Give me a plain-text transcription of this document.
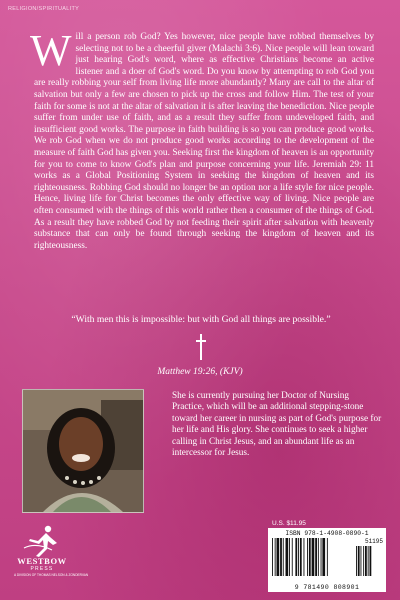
RELIGION/SPIRITUALITY
Will a person rob God? Yes however, nice people have robbed themselves by selecting not to be a cheerful giver (Malachi 3:6). Nice people will lean toward just hearing God's word, where as effective Christians become an active listener and a doer of God's word. Do you know by attempting to rob God you are really robbing your self from living life more abundantly? Many are call to the altar of salvation but only a few are chosen to pick up the cross and follow Him. The test of your faith for some is not at the altar of salvation it is after leaving the benediction. Nice people suffer from under use of faith, and as a result they suffer from undeveloped faith, and insufficient good works. The purpose in faith building is so you can produce good works. We rob God when we do not produce good works according to the development of the measure of faith God has given you. Seeking first the kingdom of heaven is an opportunity for you to come to know God's plan and purpose concerning your life. Jeremiah 29: 11 works as a Global Positioning System in seeking the kingdom of heaven and its righteousness. Robbing God should no longer be an option nor a life style for nice people. Hence, living life for Christ becomes the only effective way of living. Nice people are often consumed with the things of this world rather then a consumer of the things of God. As a result they have robbed God by not feeding their spirit after salvation with heavenly substance that can only be found through seeking the kingdom of heaven and its righteousness.
“With men this is impossible: but with God all things are possible.”
Matthew 19:26, (KJV)
She is currently pursuing her Doctor of Nursing Practice, which will be an additional stepping-stone toward her career in nursing as part of God's purpose for her life and His glory. She continues to seek a higher calling in Christ Jesus, and an abundant life as an intercessor for Jesus.
WESTBOW
PRESS
A DIVISION OF THOMAS NELSON & ZONDERVAN
U.S. $11.95
ISBN 978-1-4908-0890-1
51195
9 781490 808901
